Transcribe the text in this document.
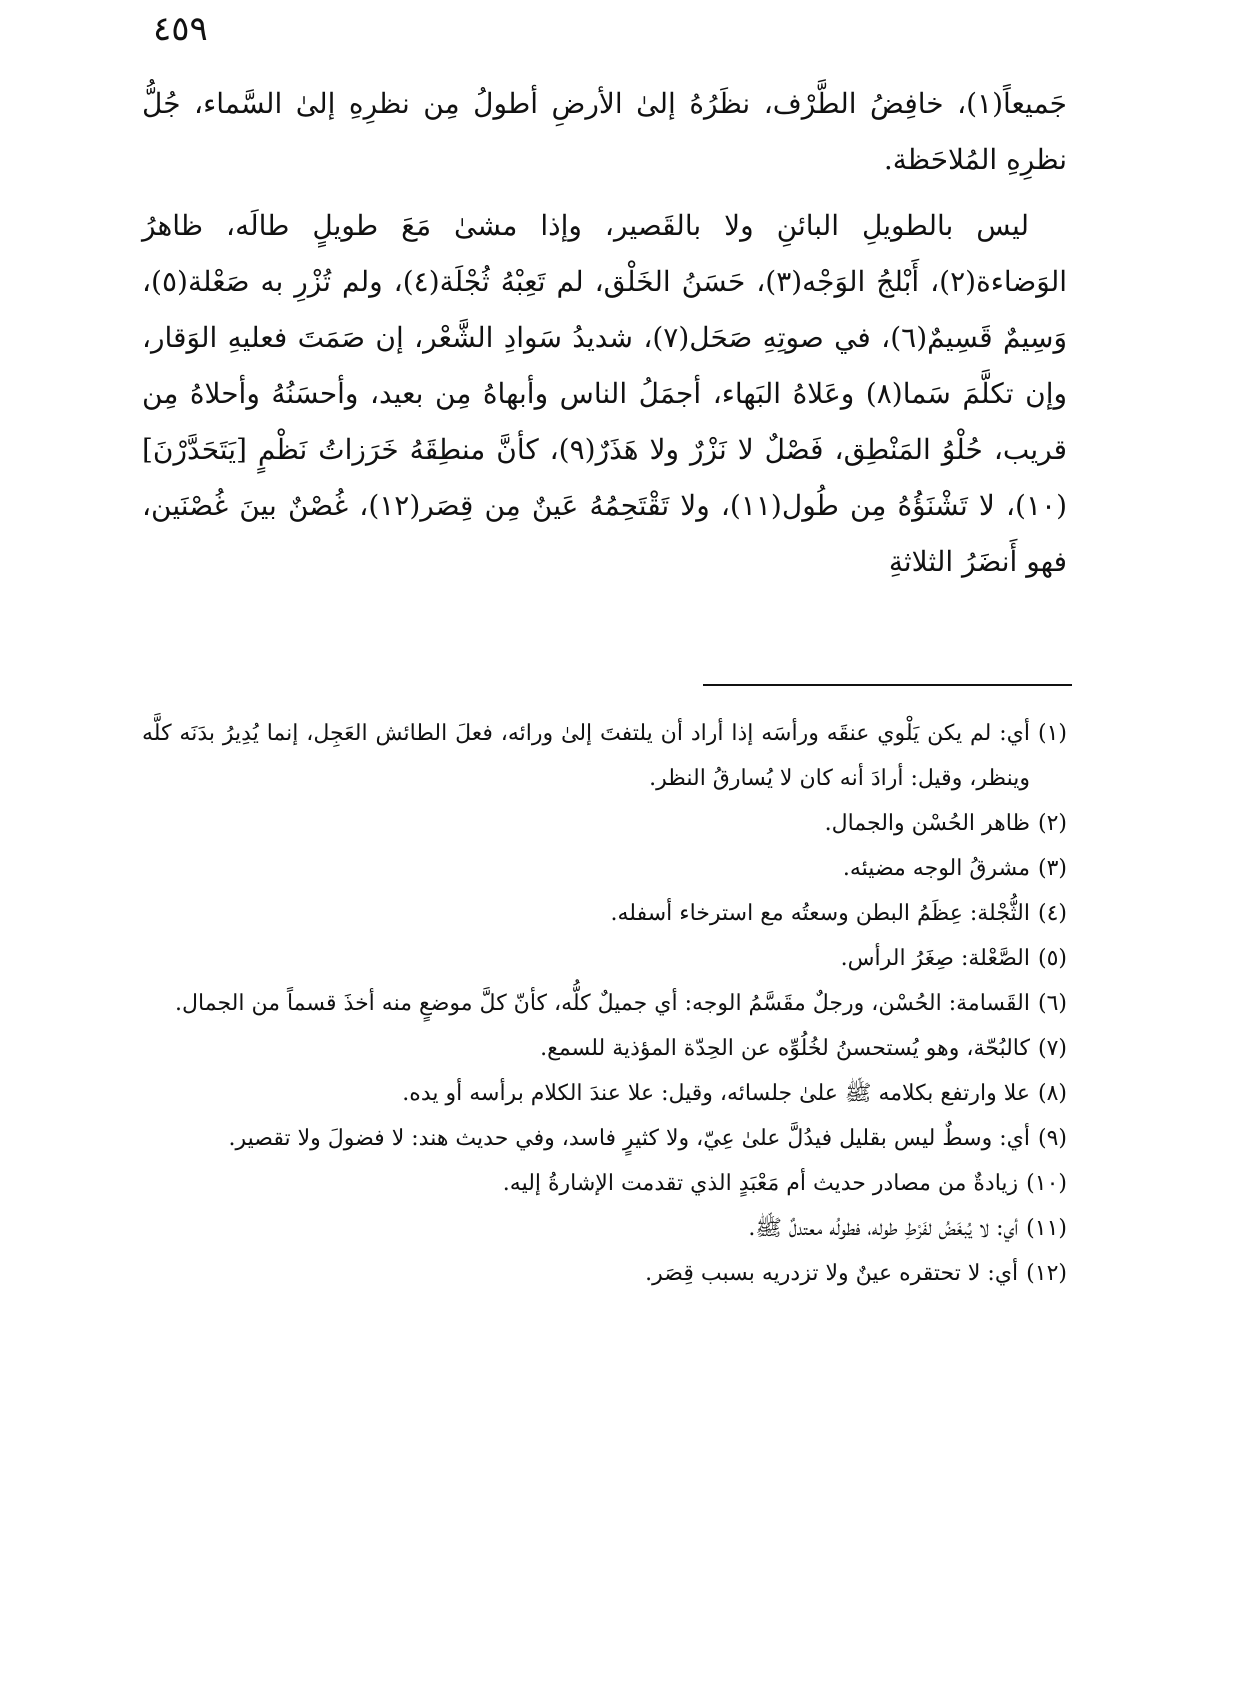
٤٥٩

جَميعاً(١)، خافِضُ الطَّرْف، نظَرُهُ إلىٰ الأرضِ أطولُ مِن نظرِهِ إلىٰ السَّماء، جُلُّ نظرِهِ المُلاحَظة.

ليس بالطويلِ البائنِ ولا بالقَصير، وإذا مشىٰ مَعَ طويلٍ طالَه، ظاهرُ الوَضاءة(٢)، أَبْلجُ الوَجْه(٣)، حَسَنُ الخَلْق، لم تَعِبْهُ ثُجْلَة(٤)، ولم تُزْرِ به صَعْلة(٥)، وَسِيمٌ قَسِيمٌ(٦)، في صوتِهِ صَحَل(٧)، شديدُ سَوادِ الشَّعْر، إن صَمَتَ فعليهِ الوَقار، وإن تكلَّمَ سَما(٨) وعَلاهُ البَهاء، أجمَلُ الناس وأبهاهُ مِن بعيد، وأحسَنُهُ وأحلاهُ مِن قريب، حُلْوُ المَنْطِق، فَصْلٌ لا نَزْرٌ ولا هَذَرٌ(٩)، كأنَّ منطِقَهُ خَرَزاتُ نَظْمٍ [يَتَحَدَّرْنَ](١٠)، لا تَشْنَؤُهُ مِن طُول(١١)، ولا تَقْتَحِمُهُ عَينٌ مِن قِصَر(١٢)، غُصْنٌ بينَ غُصْنَين، فهو أَنضَرُ الثلاثةِ

(١)
أي: لم يكن يَلْوي عنقَه ورأسَه إذا أراد أن يلتفتَ إلىٰ ورائه، فعلَ الطائش العَجِل، إنما يُدِيرُ بدَنَه كلَّه وينظر، وقيل: أرادَ أنه كان لا يُسارقُ النظر.

(٢)
ظاهر الحُسْن والجمال.

(٣)
مشرقُ الوجه مضيئه.

(٤)
الثُّجْلة: عِظَمُ البطن وسعتُه مع استرخاء أسفله.

(٥)
الصَّعْلة: صِغَرُ الرأس.

(٦)
القَسامة: الحُسْن، ورجلٌ مقَسَّمُ الوجه: أي جميلٌ كلُّه، كأنّ كلَّ موضعٍ منه أخذَ قسماً من الجمال.

(٧)
كالبُحّة، وهو يُستحسنُ لخُلُوِّه عن الحِدّة المؤذية للسمع.

(٨)
علا وارتفع بكلامه ﷺ علىٰ جلسائه، وقيل: علا عندَ الكلام برأسه أو يده.

(٩)
أي: وسطٌ ليس بقليل فيدُلَّ علىٰ عِيّ، ولا كثيرٍ فاسد، وفي حديث هند: لا فضولَ ولا تقصير.

(١٠)
زيادةٌ من مصادر حديث أم مَعْبَدٍ الذي تقدمت الإشارةُ إليه.

(١١)
أي: لا يُبغَضُ لفَرْطِ طوله، فطولُه معتدلٌ ﷺ.

(١٢)
أي: لا تحتقره عينٌ ولا تزدريه بسبب قِصَر.
